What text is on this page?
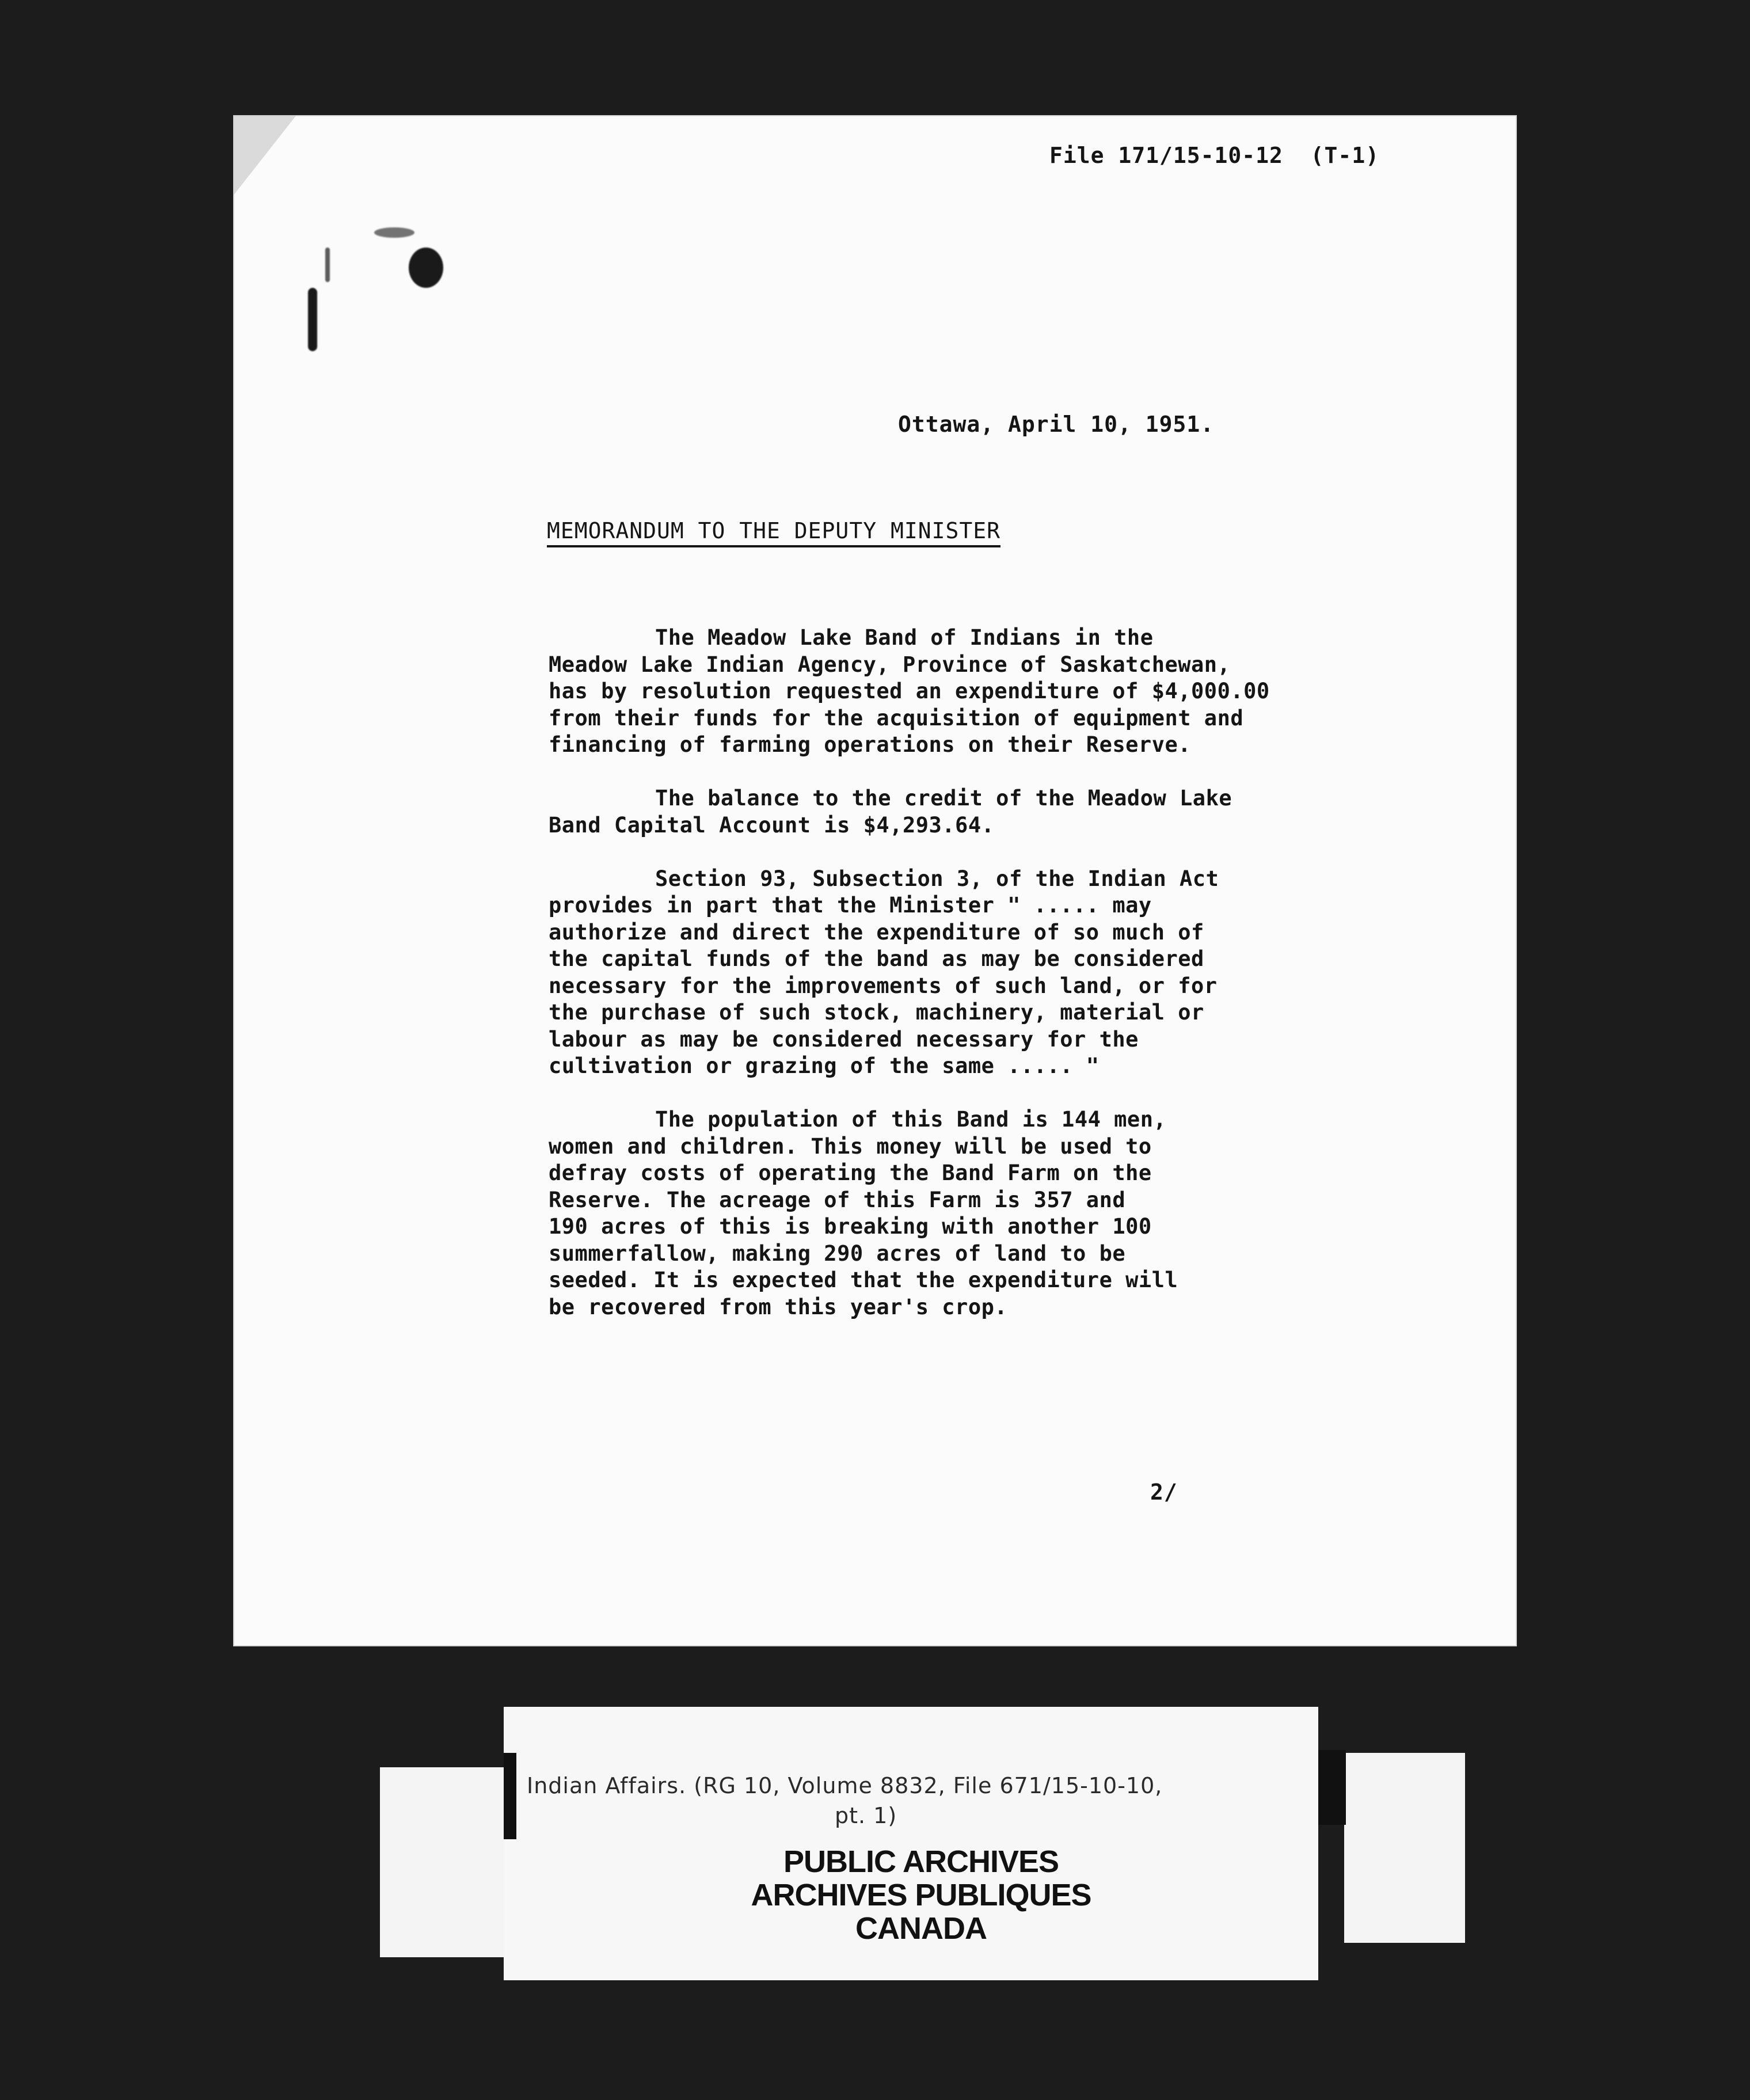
File 171/15-10-12  (T-1)
Ottawa, April 10, 1951.
MEMORANDUM TO THE DEPUTY MINISTER

The Meadow Lake Band of Indians in the
Meadow Lake Indian Agency, Province of Saskatchewan,
has by resolution requested an expenditure of $4,000.00
from their funds for the acquisition of equipment and
financing of farming operations on their Reserve.

The balance to the credit of the Meadow Lake
Band Capital Account is $4,293.64.

Section 93, Subsection 3, of the Indian Act
provides in part that the Minister " ..... may
authorize and direct the expenditure of so much of
the capital funds of the band as may be considered
necessary for the improvements of such land, or for
the purchase of such stock, machinery, material or
labour as may be considered necessary for the
cultivation or grazing of the same ..... "

The population of this Band is 144 men,
women and children. This money will be used to
defray costs of operating the Band Farm on the
Reserve. The acreage of this Farm is 357 and
190 acres of this is breaking with another 100
summerfallow, making 290 acres of land to be
seeded. It is expected that the expenditure will
be recovered from this year's crop.

2/
Indian Affairs. (RG 10, Volume 8832, File 671/15-10-10,
pt. 1)
PUBLIC ARCHIVES
ARCHIVES PUBLIQUES
CANADA
